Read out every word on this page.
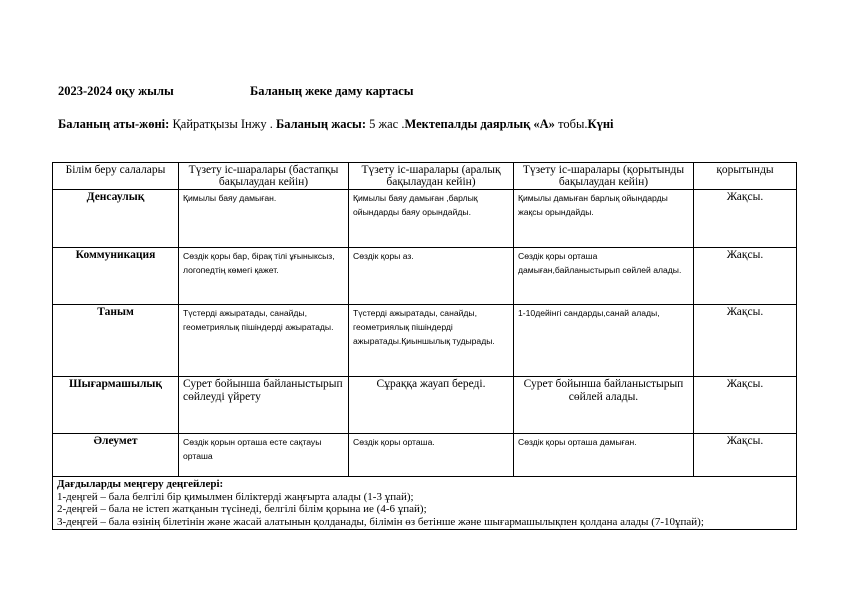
2023-2024 оқу жылы	Баланың жеке даму картасы
Баланың аты-жөні: Қайратқызы Інжу . Баланың жасы: 5 жас .Мектепалды даярлық «А» тобы.Күні
Білім беру салалары	Түзету іс-шаралары (бастапқы бақылаудан кейін)	Түзету іс-шаралары (аралық бақылаудан кейін)	Түзету іс-шаралары (қорытынды бақылаудан кейін)	қорытынды
Денсаулық	Қимылы баяу дамыған.	Қимылы баяу дамыған ,барлық ойындарды баяу орындайды.	Қимылы дамыған барлық ойындарды жақсы орындайды.	Жақсы.
Коммуникация	Сөздік қоры бар, бірақ тілі ұғыныксыз, логопедтің көмегі қажет.	Сөздік қоры аз.	Сөздік қоры орташа дамыған,байланыстырып сөйлей алады.	Жақсы.
Таным	Түстерді ажыратады, санайды, геометриялық пішіндерді ажыратады.	Түстерді ажыратады, санайды, геометриялық пішіндерді ажыратады.Қиыншылық тудырады.	1-10дейінгі сандарды,санай алады,	Жақсы.
Шығармашылық	Сурет бойынша байланыстырып сөйлеуді үйрету	Сұраққа жауап береді.	Сурет бойынша байланыстырып сөйлей алады.	Жақсы.
Әлеумет	Сөздік қорын орташа есте сақтауы орташа	Сөздік қоры орташа.	Сөздік қоры орташа дамыған.	Жақсы.

Дағдыларды меңгеру деңгейлері:
1-деңгей – бала белгілі бір қимылмен біліктерді жаңғырта алады (1-3 ұпай);
2-деңгей – бала не істеп жатқанын түсінеді, белгілі білім қорына ие (4-6 ұпай);
3-деңгей – бала өзінің білетінін және жасай алатынын қолданады, білімін өз бетінше және шығармашылықпен қолдана алады (7-10ұпай);				
